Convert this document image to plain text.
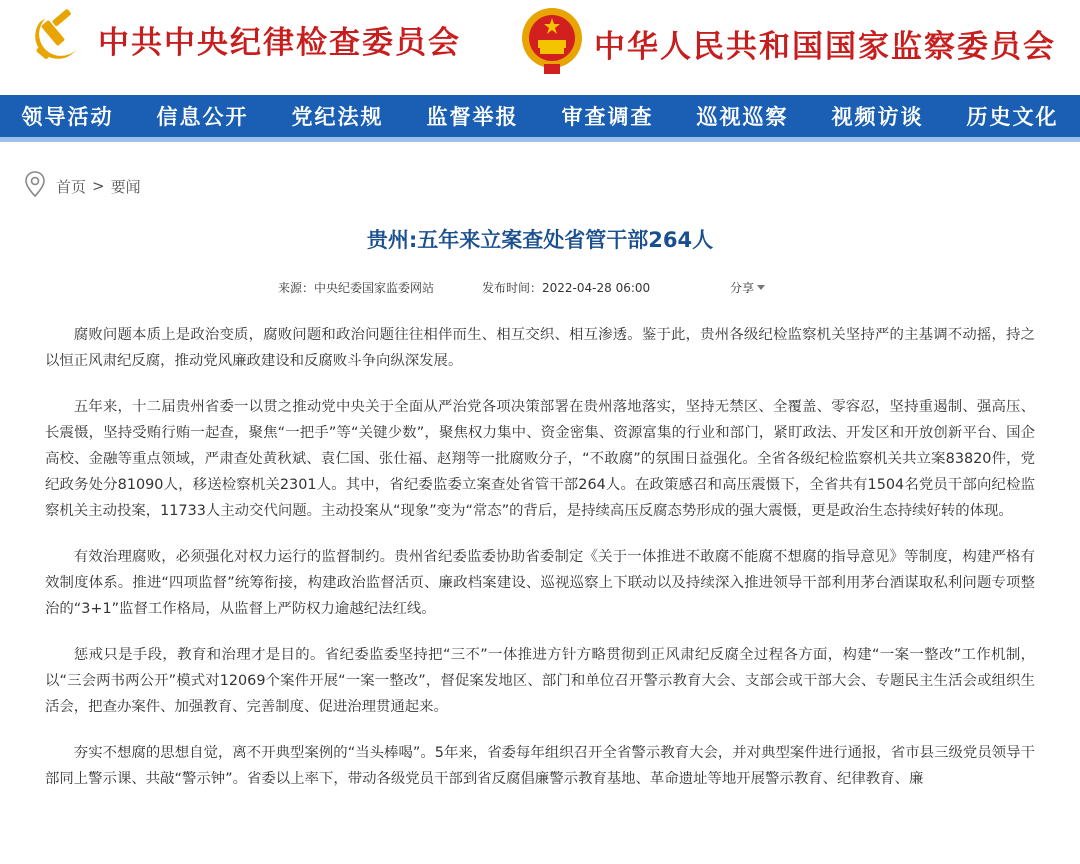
中共中央纪律检查委员会	中华人民共和国国家监察委员会
领导活动 信息公开 党纪法规 监督举报 审查调查 巡视巡察 视频访谈 历史文化
首页 > 要闻
贵州:五年来立案查处省管干部264人
来源：中央纪委国家监委网站	发布时间：2022-04-28 06:00	分享

腐败问题本质上是政治变质，腐败问题和政治问题往往相伴而生、相互交织、相互渗透。鉴于此，贵州各级纪检监察机关坚持严的主基调不动摇，持之以恒正风肃纪反腐，推动党风廉政建设和反腐败斗争向纵深发展。

五年来，十二届贵州省委一以贯之推动党中央关于全面从严治党各项决策部署在贵州落地落实，坚持无禁区、全覆盖、零容忍，坚持重遏制、强高压、长震慑，坚持受贿行贿一起查，聚焦“一把手”等“关键少数”，聚焦权力集中、资金密集、资源富集的行业和部门，紧盯政法、开发区和开放创新平台、国企高校、金融等重点领域，严肃查处黄秋斌、袁仁国、张仕福、赵翔等一批腐败分子，“不敢腐”的氛围日益强化。全省各级纪检监察机关共立案83820件，党纪政务处分81090人，移送检察机关2301人。其中，省纪委监委立案查处省管干部264人。在政策感召和高压震慑下，全省共有1504名党员干部向纪检监察机关主动投案，11733人主动交代问题。主动投案从“现象”变为“常态”的背后，是持续高压反腐态势形成的强大震慑，更是政治生态持续好转的体现。

有效治理腐败，必须强化对权力运行的监督制约。贵州省纪委监委协助省委制定《关于一体推进不敢腐不能腐不想腐的指导意见》等制度，构建严格有效制度体系。推进“四项监督”统筹衔接，构建政治监督活页、廉政档案建设、巡视巡察上下联动以及持续深入推进领导干部利用茅台酒谋取私利问题专项整治的“3+1”监督工作格局，从监督上严防权力逾越纪法红线。

惩戒只是手段，教育和治理才是目的。省纪委监委坚持把“三不”一体推进方针方略贯彻到正风肃纪反腐全过程各方面，构建“一案一整改”工作机制，以“三会两书两公开”模式对12069个案件开展“一案一整改”，督促案发地区、部门和单位召开警示教育大会、支部会或干部大会、专题民主生活会或组织生活会，把查办案件、加强教育、完善制度、促进治理贯通起来。

夯实不想腐的思想自觉，离不开典型案例的“当头棒喝”。5年来，省委每年组织召开全省警示教育大会，并对典型案件进行通报，省市县三级党员领导干部同上警示课、共敲“警示钟”。省委以上率下，带动各级党员干部到省反腐倡廉警示教育基地、革命遗址等地开展警示教育、纪律教育、廉
